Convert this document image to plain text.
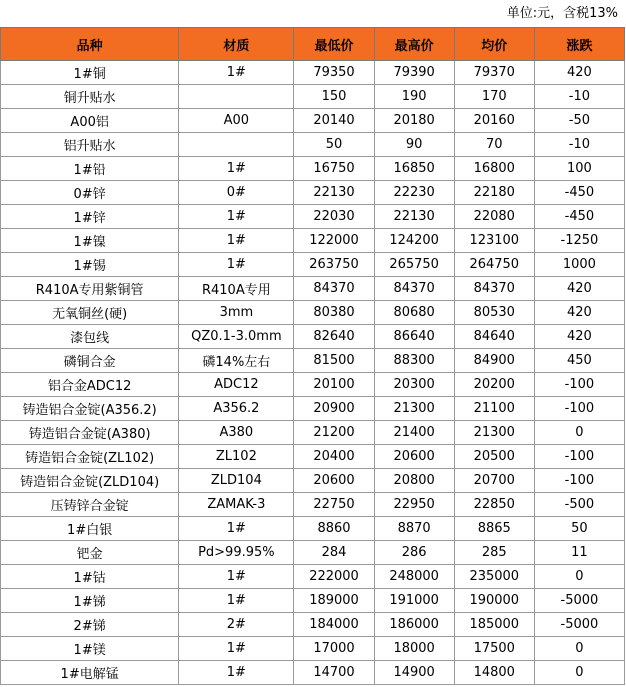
单位:元，含税13%
品种	材质	最低价	最高价	均价	涨跌
1#铜	1#	79350	79390	79370	420
铜升贴水		150	190	170	-10
A00铝	A00	20140	20180	20160	-50
铝升贴水		50	90	70	-10
1#铅	1#	16750	16850	16800	100
0#锌	0#	22130	22230	22180	-450
1#锌	1#	22030	22130	22080	-450
1#镍	1#	122000	124200	123100	-1250
1#锡	1#	263750	265750	264750	1000
R410A专用紫铜管	R410A专用	84370	84370	84370	420
无氧铜丝(硬)	3mm	80380	80680	80530	420
漆包线	QZ0.1-3.0mm	82640	86640	84640	420
磷铜合金	磷14%左右	81500	88300	84900	450
铝合金ADC12	ADC12	20100	20300	20200	-100
铸造铝合金锭(A356.2)	A356.2	20900	21300	21100	-100
铸造铝合金锭(A380)	A380	21200	21400	21300	0
铸造铝合金锭(ZL102)	ZL102	20400	20600	20500	-100
铸造铝合金锭(ZLD104)	ZLD104	20600	20800	20700	-100
压铸锌合金锭	ZAMAK-3	22750	22950	22850	-500
1#白银	1#	8860	8870	8865	50
钯金	Pd>99.95%	284	286	285	11
1#钴	1#	222000	248000	235000	0
1#锑	1#	189000	191000	190000	-5000
2#锑	2#	184000	186000	185000	-5000
1#镁	1#	17000	18000	17500	0
1#电解锰	1#	14700	14900	14800	0
